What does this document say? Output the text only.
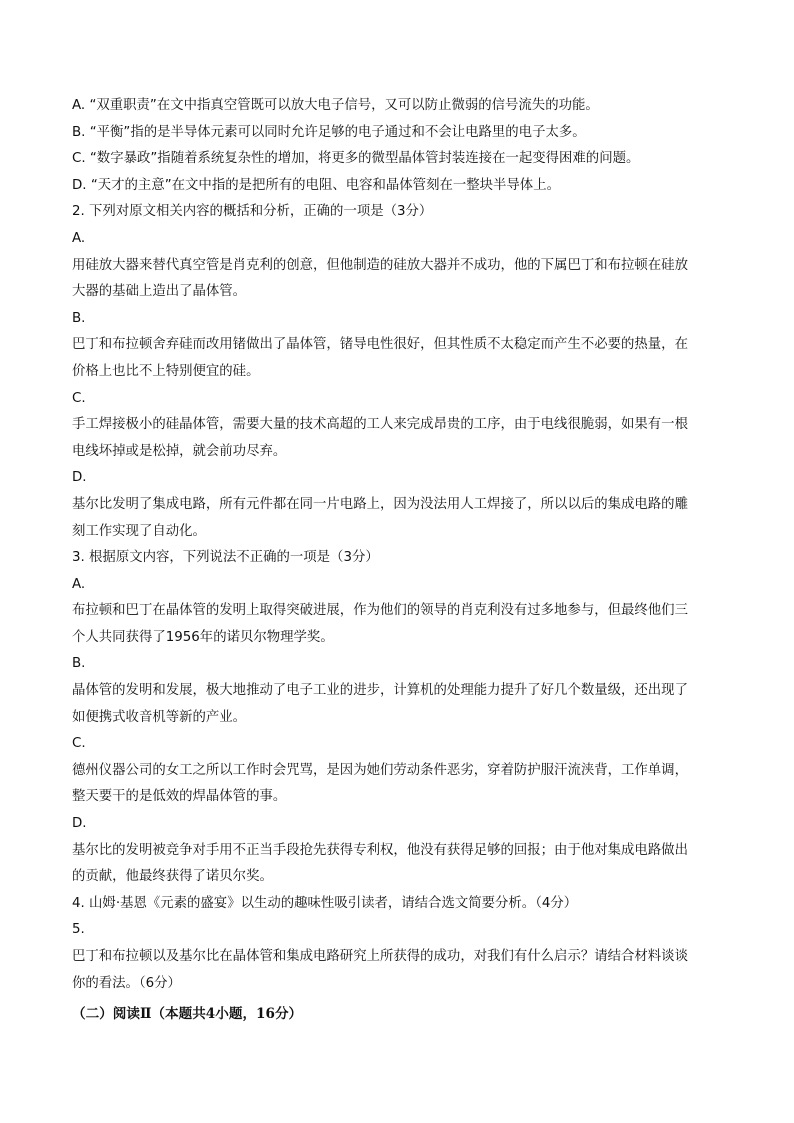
A. “双重职责”在文中指真空管既可以放大电子信号，又可以防止微弱的信号流失的功能。
B. “平衡”指的是半导体元素可以同时允许足够的电子通过和不会让电路里的电子太多。
C. “数字暴政”指随着系统复杂性的增加，将更多的微型晶体管封装连接在一起变得困难的问题。
D. “天才的主意”在文中指的是把所有的电阻、电容和晶体管刻在一整块半导体上。
2. 下列对原文相关内容的概括和分析，正确的一项是（3分）
A.
用硅放大器来替代真空管是肖克利的创意，但他制造的硅放大器并不成功，他的下属巴丁和布拉顿在硅放
大器的基础上造出了晶体管。
B.
巴丁和布拉顿舍弃硅而改用锗做出了晶体管，锗导电性很好，但其性质不太稳定而产生不必要的热量，在
价格上也比不上特别便宜的硅。
C.
手工焊接极小的硅晶体管，需要大量的技术高超的工人来完成昂贵的工序，由于电线很脆弱，如果有一根
电线坏掉或是松掉，就会前功尽弃。
D.
基尔比发明了集成电路，所有元件都在同一片电路上，因为没法用人工焊接了，所以以后的集成电路的雕
刻工作实现了自动化。
3. 根据原文内容，下列说法不正确的一项是（3分）
A.
布拉顿和巴丁在晶体管的发明上取得突破进展，作为他们的领导的肖克利没有过多地参与，但最终他们三
个人共同获得了1956年的诺贝尔物理学奖。
B.
晶体管的发明和发展，极大地推动了电子工业的进步，计算机的处理能力提升了好几个数量级，还出现了
如便携式收音机等新的产业。
C.
德州仪器公司的女工之所以工作时会咒骂，是因为她们劳动条件恶劣，穿着防护服汗流浃背，工作单调，
整天要干的是低效的焊晶体管的事。
D.
基尔比的发明被竞争对手用不正当手段抢先获得专利权，他没有获得足够的回报；由于他对集成电路做出
的贡献，他最终获得了诺贝尔奖。
4. 山姆·基恩《元素的盛宴》以生动的趣味性吸引读者，请结合选文简要分析。（4分）
5.
巴丁和布拉顿以及基尔比在晶体管和集成电路研究上所获得的成功，对我们有什么启示？请结合材料谈谈
你的看法。（6分）
（二）阅读Ⅱ（本题共4小题，16分）
